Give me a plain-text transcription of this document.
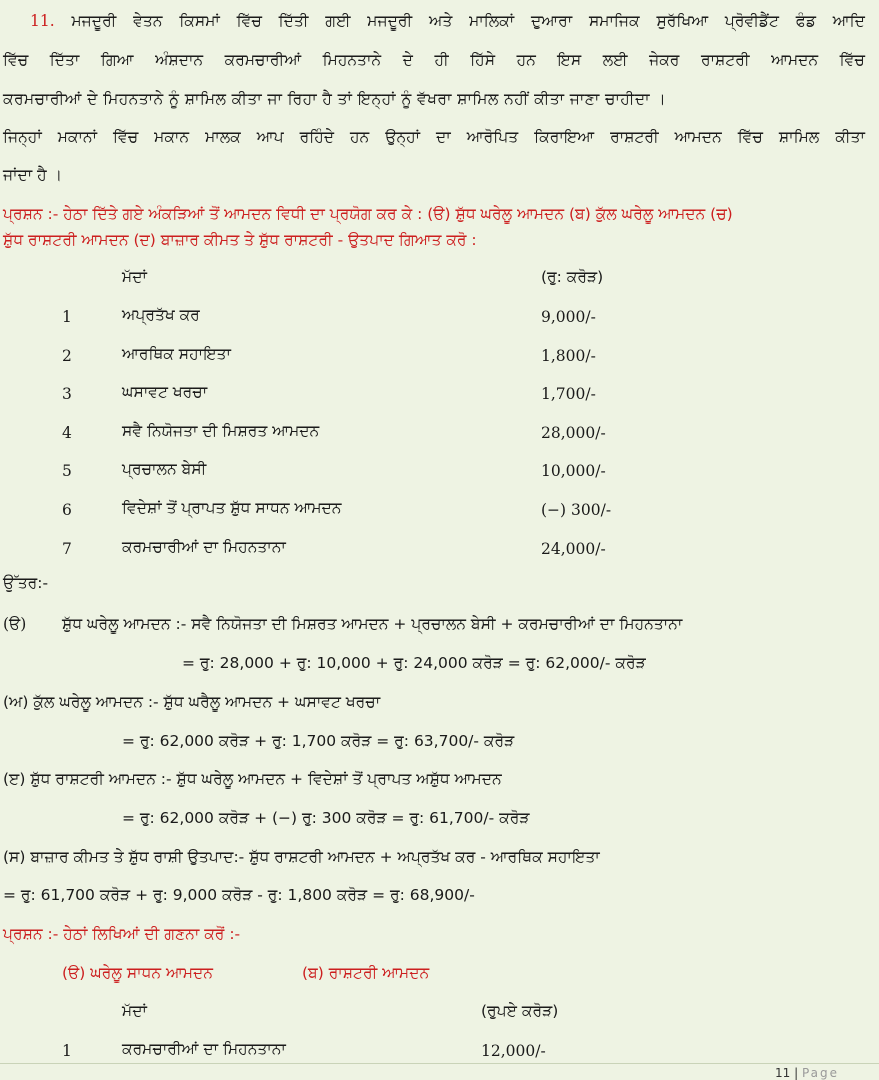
11. ਮਜਦੂਰੀ ਵੇਤਨ ਕਿਸਮਾਂ ਵਿੱਚ ਦਿੱਤੀ ਗਈ ਮਜਦੂਰੀ ਅਤੇ ਮਾਲਿਕਾਂ ਦੁਆਰਾ ਸਮਾਜਿਕ ਸੁਰੱਖਿਆ ਪ੍ਰੋਵੀਡੈਂਟ ਫੰਡ ਆਦਿ
ਵਿੱਚ ਦਿੱਤਾ ਗਿਆ ਅੰਸ਼ਦਾਨ ਕਰਮਚਾਰੀਆਂ ਮਿਹਨਤਾਨੇ ਦੇ ਹੀ ਹਿੱਸੇ ਹਨ ਇਸ ਲਈ ਜੇਕਰ ਰਾਸ਼ਟਰੀ ਆਮਦਨ ਵਿੱਚ
ਕਰਮਚਾਰੀਆਂ ਦੇ ਮਿਹਨਤਾਨੇ ਨੂੰ ਸ਼ਾਮਿਲ ਕੀਤਾ ਜਾ ਰਿਹਾ ਹੈ ਤਾਂ ਇਨ੍ਹਾਂ ਨੂੰ ਵੱਖਰਾ ਸ਼ਾਮਿਲ ਨਹੀਂ ਕੀਤਾ ਜਾਣਾ ਚਾਹੀਦਾ ।
ਜਿਨ੍ਹਾਂ ਮਕਾਨਾਂ ਵਿੱਚ ਮਕਾਨ ਮਾਲਕ ਆਪ ਰਹਿੰਦੇ ਹਨ ਉਨ੍ਹਾਂ ਦਾ ਆਰੋਪਿਤ ਕਿਰਾਇਆ ਰਾਸ਼ਟਰੀ ਆਮਦਨ ਵਿੱਚ ਸ਼ਾਮਿਲ ਕੀਤਾ
ਜਾਂਦਾ ਹੈ ।
ਪ੍ਰਸ਼ਨ :- ਹੇਠਾ ਦਿੱਤੇ ਗਏ ਅੰਕੜਿਆਂ ਤੋਂ ਆਮਦਨ ਵਿਧੀ ਦਾ ਪ੍ਰਯੋਗ ਕਰ ਕੇ : (ੳ) ਸ਼ੁੱਧ ਘਰੇਲੂ ਆਮਦਨ (ਬ) ਕੁੱਲ ਘਰੇਲੂ ਆਮਦਨ (ਚ)
ਸ਼ੁੱਧ ਰਾਸ਼ਟਰੀ ਆਮਦਨ (ਦ) ਬਾਜ਼ਾਰ ਕੀਮਤ ਤੇ ਸ਼ੁੱਧ ਰਾਸ਼ਟਰੀ - ਉਤਪਾਦ ਗਿਆਤ ਕਰੋ :
ਮੱਦਾਂ	(ਰੁ: ਕਰੋੜ)
1	ਅਪ੍ਰਤੱਖ ਕਰ	9,000/-
2	ਆਰਥਿਕ ਸਹਾਇਤਾ	1,800/-
3	ਘਸਾਵਟ ਖਰਚਾ	1,700/-
4	ਸਵੈ ਨਿਯੋਜਤਾ ਦੀ ਮਿਸ਼ਰਤ ਆਮਦਨ	28,000/-
5	ਪ੍ਰਚਾਲਨ ਬੇਸੀ	10,000/-
6	ਵਿਦੇਸ਼ਾਂ ਤੋਂ ਪ੍ਰਾਪਤ ਸ਼ੁੱਧ ਸਾਧਨ ਆਮਦਨ	(−) 300/-
7	ਕਰਮਚਾਰੀਆਂ ਦਾ ਮਿਹਨਤਾਨਾ	24,000/-
ਉੱਤਰ:-
(ੳ) ਸ਼ੁੱਧ ਘਰੇਲੂ ਆਮਦਨ :- ਸਵੈ ਨਿਯੋਜਤਾ ਦੀ ਮਿਸ਼ਰਤ ਆਮਦਨ + ਪ੍ਰਚਾਲਨ ਬੇਸੀ + ਕਰਮਚਾਰੀਆਂ ਦਾ ਮਿਹਨਤਾਨਾ
= ਰੁ: 28,000 + ਰੁ: 10,000 + ਰੁ: 24,000 ਕਰੋੜ = ਰੁ: 62,000/- ਕਰੋੜ
(ਅ) ਕੁੱਲ ਘਰੇਲੂ ਆਮਦਨ :- ਸ਼ੁੱਧ ਘਰੈਲੂ ਆਮਦਨ + ਘਸਾਵਟ ਖਰਚਾ
= ਰੁ: 62,000 ਕਰੋੜ + ਰੁ: 1,700 ਕਰੋੜ = ਰੁ: 63,700/- ਕਰੋੜ
(ੲ) ਸ਼ੁੱਧ ਰਾਸ਼ਟਰੀ ਆਮਦਨ :- ਸ਼ੁੱਧ ਘਰੇਲੂ ਆਮਦਨ + ਵਿਦੇਸ਼ਾਂ ਤੋਂ ਪ੍ਰਾਪਤ ਅਸ਼ੁੱਧ ਆਮਦਨ
= ਰੁ: 62,000 ਕਰੋੜ + (−) ਰੁ: 300 ਕਰੋੜ = ਰੁ: 61,700/- ਕਰੋੜ
(ਸ) ਬਾਜ਼ਾਰ ਕੀਮਤ ਤੇ ਸ਼ੁੱਧ ਰਾਸ਼ੀ ਉਤਪਾਦ:- ਸ਼ੁੱਧ ਰਾਸ਼ਟਰੀ ਆਮਦਨ + ਅਪ੍ਰਤੱਖ ਕਰ - ਆਰਥਿਕ ਸਹਾਇਤਾ
= ਰੁ: 61,700 ਕਰੋੜ + ਰੁ: 9,000 ਕਰੋੜ - ਰੁ: 1,800 ਕਰੋੜ = ਰੁ: 68,900/-
ਪ੍ਰਸ਼ਨ :- ਹੇਠਾਂ ਲਿਖਿਆਂ ਦੀ ਗਣਨਾ ਕਰੋਂ :-
(ੳ) ਘਰੇਲੂ ਸਾਧਨ ਆਮਦਨ	(ਬ) ਰਾਸ਼ਟਰੀ ਆਮਦਨ
ਮੱਦਾਂ	(ਰੁਪਏ ਕਰੋੜ)
1	ਕਰਮਚਾਰੀਆਂ ਦਾ ਮਿਹਨਤਾਨਾ	12,000/-
11 | Page
